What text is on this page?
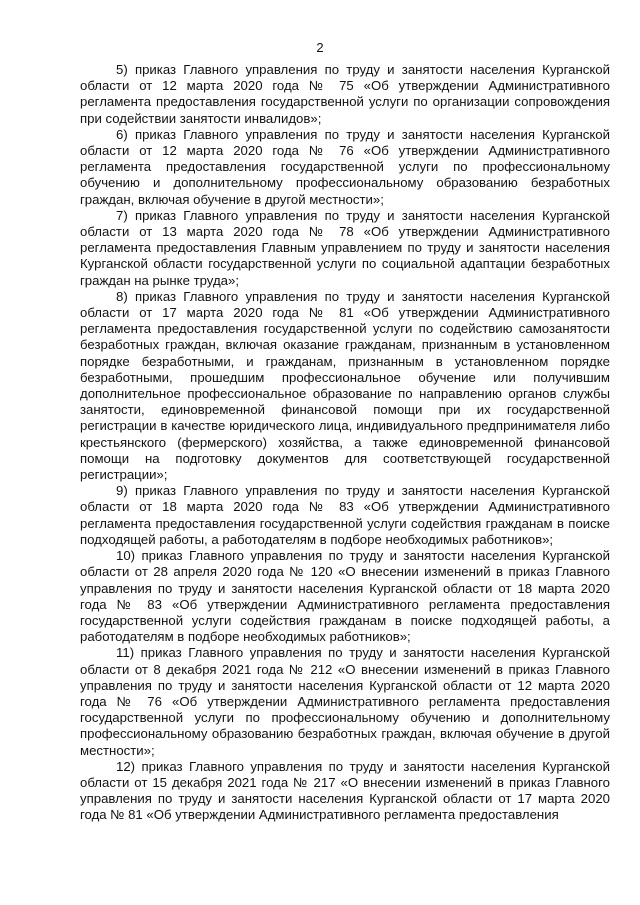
2

5) приказ Главного управления по труду и занятости населения Курганской области от 12 марта 2020 года № 75 «Об утверждении Административного регламента предоставления государственной услуги по организации сопровождения при содействии занятости инвалидов»;

6) приказ Главного управления по труду и занятости населения Курганской области от 12 марта 2020 года № 76 «Об утверждении Административного регламента предоставления государственной услуги по профессиональному обучению и дополнительному профессиональному образованию безработных граждан, включая обучение в другой местности»;

7) приказ Главного управления по труду и занятости населения Курганской области от 13 марта 2020 года № 78 «Об утверждении Административного регламента предоставления Главным управлением по труду и занятости населения Курганской области государственной услуги по социальной адаптации безработных граждан на рынке труда»;

8) приказ Главного управления по труду и занятости населения Курганской области от 17 марта 2020 года № 81 «Об утверждении Административного регламента предоставления государственной услуги по содействию самозанятости безработных граждан, включая оказание гражданам, признанным в установленном порядке безработными, и гражданам, признанным в установленном порядке безработными, прошедшим профессиональное обучение или получившим дополнительное профессиональное образование по направлению органов службы занятости, единовременной финансовой помощи при их государственной регистрации в качестве юридического лица, индивидуального предпринимателя либо крестьянского (фермерского) хозяйства, а также единовременной финансовой помощи на подготовку документов для соответствующей государственной регистрации»;

9) приказ Главного управления по труду и занятости населения Курганской области от 18 марта 2020 года № 83 «Об утверждении Административного регламента предоставления государственной услуги содействия гражданам в поиске подходящей работы, а работодателям в подборе необходимых работников»;

10) приказ Главного управления по труду и занятости населения Курганской области от 28 апреля 2020 года № 120 «О внесении изменений в приказ Главного управления по труду и занятости населения Курганской области от 18 марта 2020 года № 83 «Об утверждении Административного регламента предоставления государственной услуги содействия гражданам в поиске подходящей работы, а работодателям в подборе необходимых работников»;

11) приказ Главного управления по труду и занятости населения Курганской области от 8 декабря 2021 года № 212 «О внесении изменений в приказ Главного управления по труду и занятости населения Курганской области от 12 марта 2020 года № 76 «Об утверждении Административного регламента предоставления государственной услуги по профессиональному обучению и дополнительному профессиональному образованию безработных граждан, включая обучение в другой местности»;

12) приказ Главного управления по труду и занятости населения Курганской области от 15 декабря 2021 года № 217 «О внесении изменений в приказ Главного управления по труду и занятости населения Курганской области от 17 марта 2020 года № 81 «Об утверждении Административного регламента предоставления
